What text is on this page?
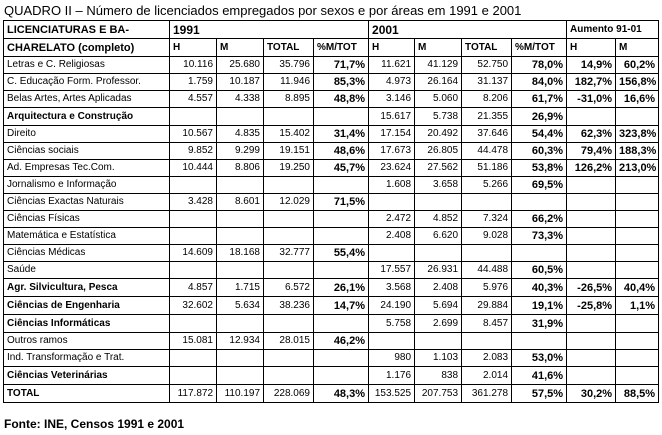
QUADRO II – Número de licenciados empregados por sexos e por áreas em 1991 e 2001
LICENCIATURAS E BA-	1991				2001				Aumento 91-01	
CHARELATO (completo)	H	M	TOTAL	%M/TOT	H	M	TOTAL	%M/TOT	H	M
Letras e C. Religiosas	10.116	25.680	35.796	71,7%	11.621	41.129	52.750	78,0%	14,9%	60,2%
C. Educação Form. Professor.	1.759	10.187	11.946	85,3%	4.973	26.164	31.137	84,0%	182,7%	156,8%
Belas Artes, Artes Aplicadas	4.557	4.338	8.895	48,8%	3.146	5.060	8.206	61,7%	-31,0%	16,6%
Arquitectura e Construção					15.617	5.738	21.355	26,9%		
Direito	10.567	4.835	15.402	31,4%	17.154	20.492	37.646	54,4%	62,3%	323,8%
Ciências sociais	9.852	9.299	19.151	48,6%	17.673	26.805	44.478	60,3%	79,4%	188,3%
Ad. Empresas Tec.Com.	10.444	8.806	19.250	45,7%	23.624	27.562	51.186	53,8%	126,2%	213,0%
Jornalismo e Informação					1.608	3.658	5.266	69,5%		
Ciências Exactas Naturais	3.428	8.601	12.029	71,5%						
Ciências Físicas					2.472	4.852	7.324	66,2%		
Matemática e Estatística					2.408	6.620	9.028	73,3%		
Ciências Médicas	14.609	18.168	32.777	55,4%						
Saúde					17.557	26.931	44.488	60,5%		
Agr. Silvicultura, Pesca	4.857	1.715	6.572	26,1%	3.568	2.408	5.976	40,3%	-26,5%	40,4%
Ciências de Engenharia	32.602	5.634	38.236	14,7%	24.190	5.694	29.884	19,1%	-25,8%	1,1%
Ciências Informáticas					5.758	2.699	8.457	31,9%		
Outros ramos	15.081	12.934	28.015	46,2%						
Ind. Transformação e Trat.					980	1.103	2.083	53,0%		
Ciências Veterinárias					1.176	838	2.014	41,6%		
TOTAL	117.872	110.197	228.069	48,3%	153.525	207.753	361.278	57,5%	30,2%	88,5%
Fonte: INE, Censos 1991 e 2001
